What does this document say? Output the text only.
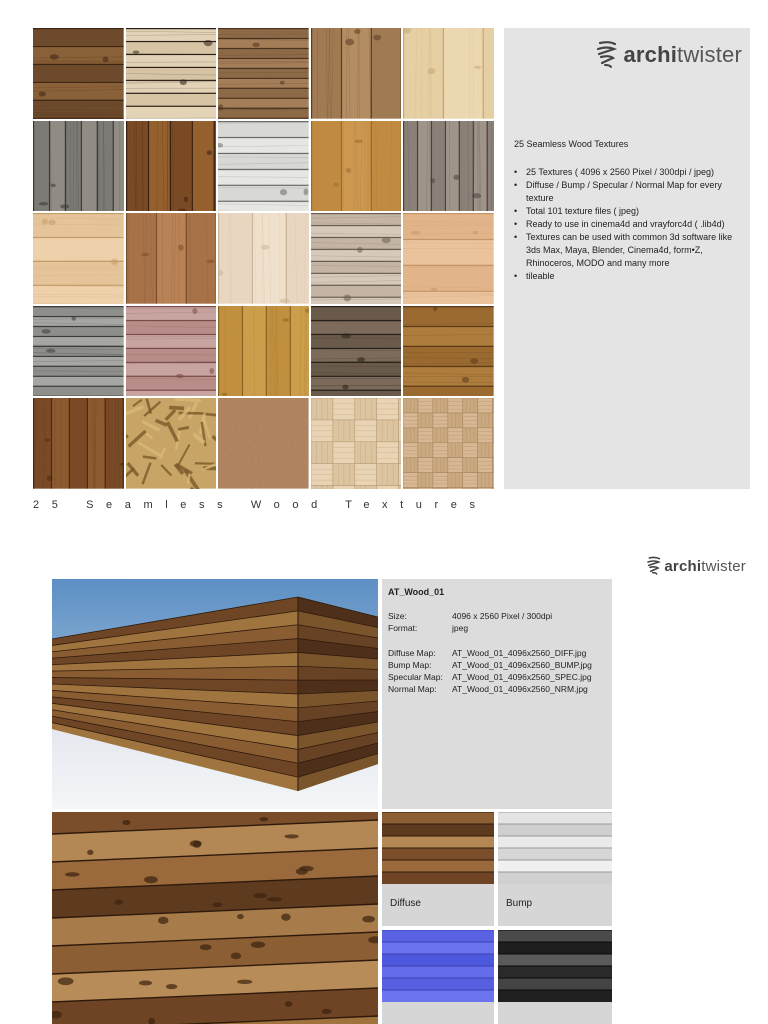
architwister
25 Seamless Wood Textures
• 25 Textures ( 4096 x 2560 Pixel / 300dpi / jpeg)
• Diffuse / Bump / Specular / Normal Map for every texture
• Total 101 texture files ( jpeg)
• Ready to use in cinema4d and vrayforc4d ( .lib4d)
• Textures can be used with common 3d software like 3ds Max, Maya, Blender, Cinema4d, form•Z, Rhinoceros, MODO and many more
• tileable
25 Seamless Wood Textures
architwister
AT_Wood_01
Size:	4096 x 2560 Pixel / 300dpi
Format:	jpeg
Diffuse Map: AT_Wood_01_4096x2560_DIFF.jpg
Bump Map: AT_Wood_01_4096x2560_BUMP.jpg
Specular Map: AT_Wood_01_4096x2560_SPEC.jpg
Normal Map: AT_Wood_01_4096x2560_NRM.jpg
Diffuse	Bump
